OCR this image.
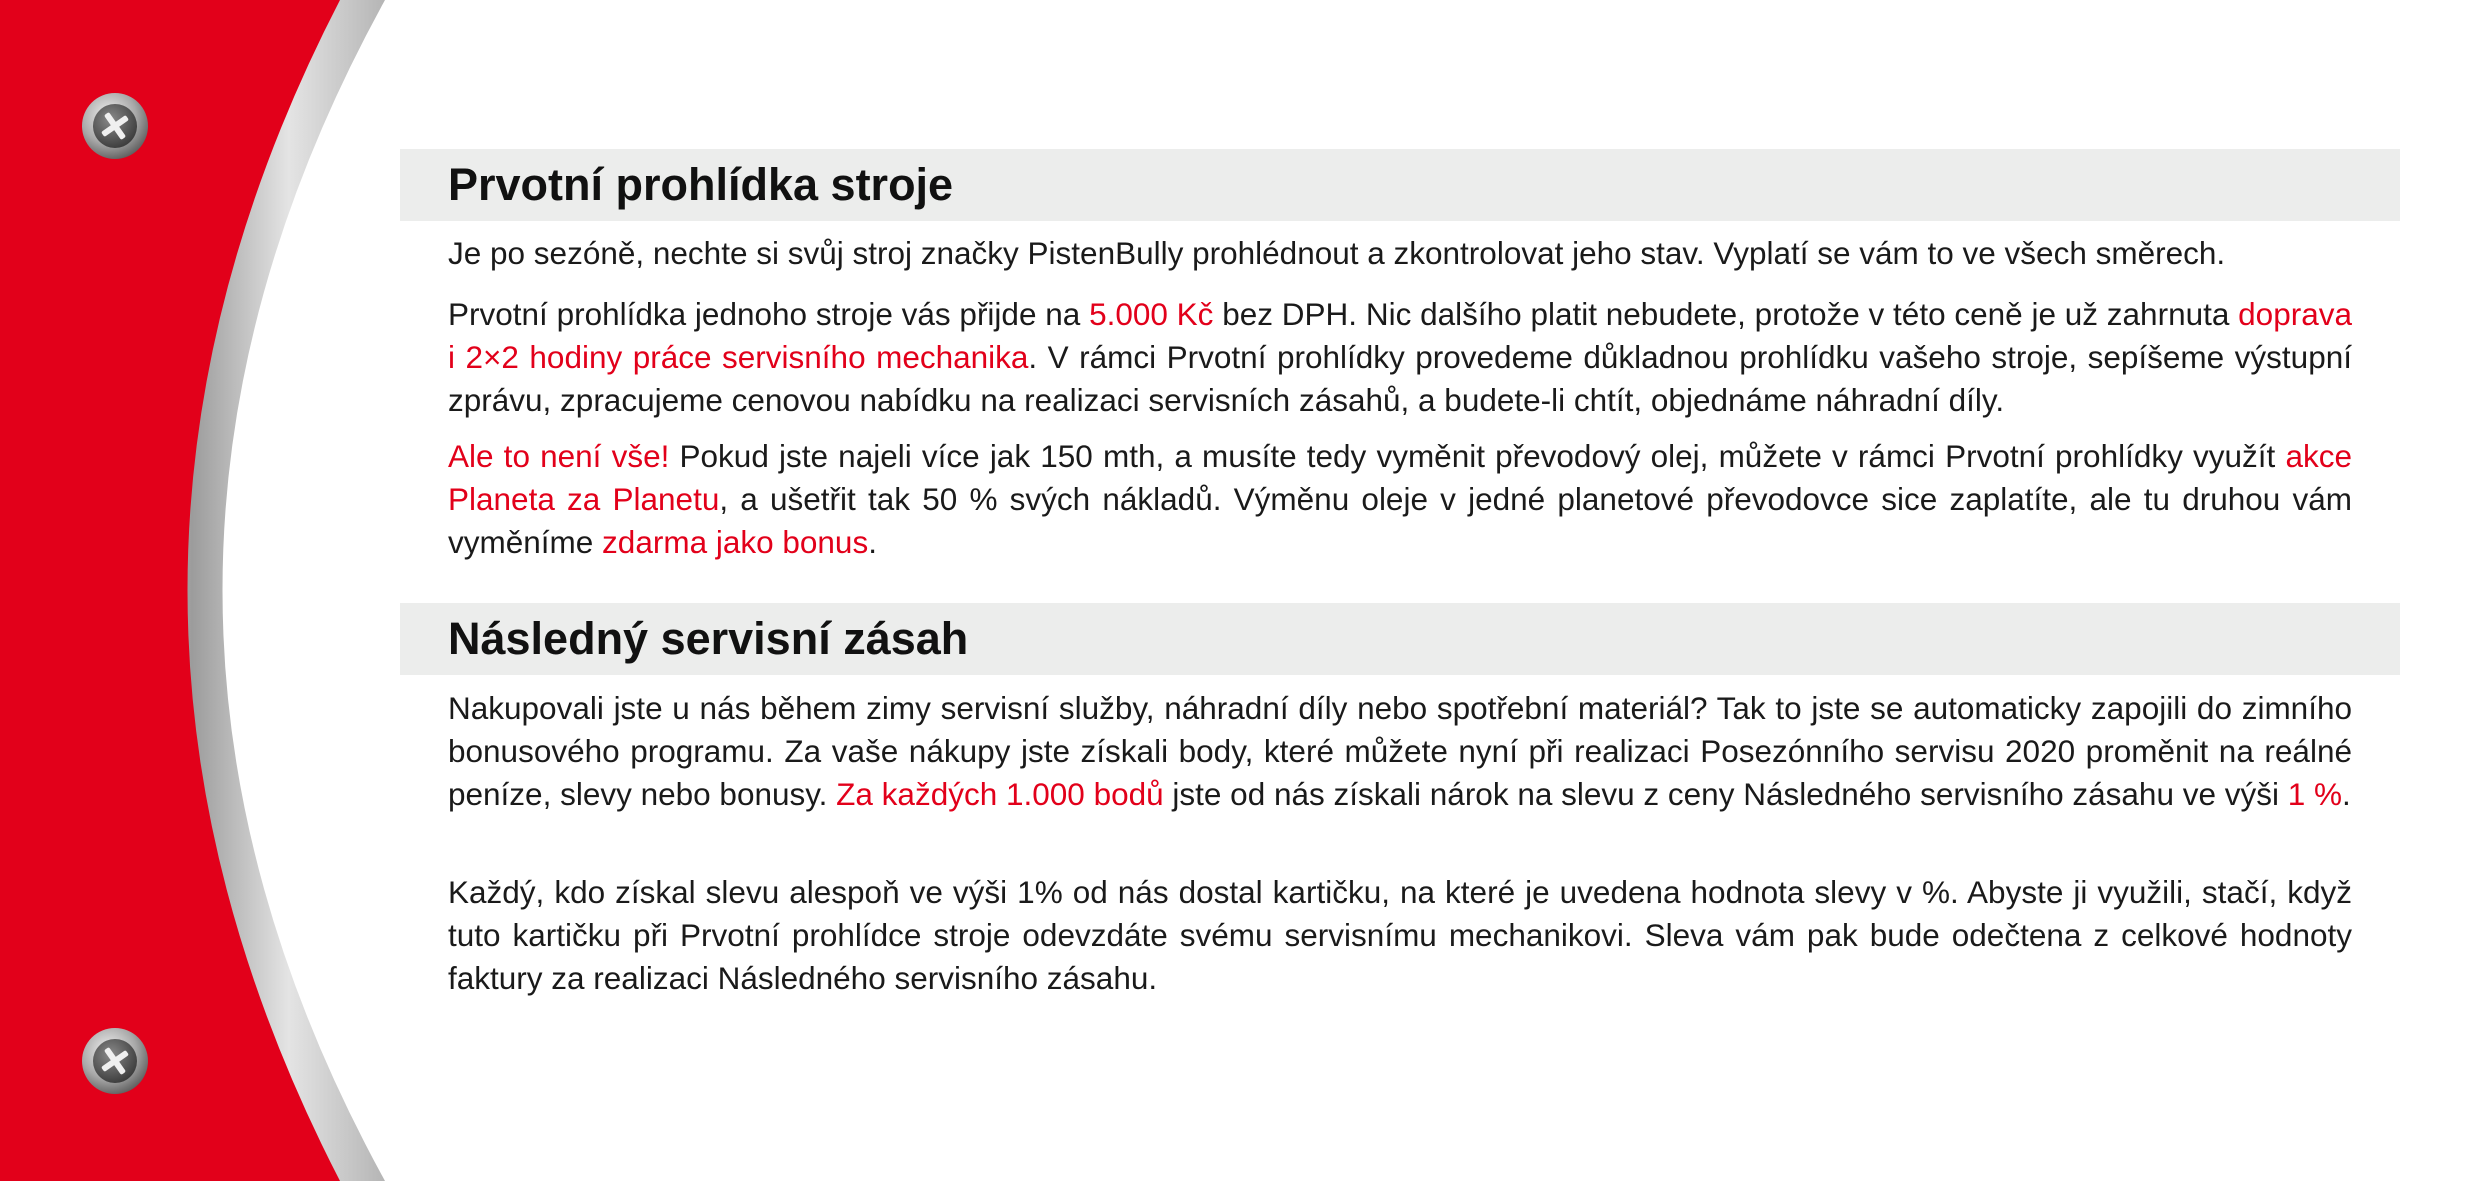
Prvotní prohlídka stroje

Je po sezóně, nechte si svůj stroj značky PistenBully prohlédnout a zkontrolovat jeho stav. Vyplatí se vám to ve všech směrech.

Prvotní prohlídka jednoho stroje vás přijde na 5.000 Kč bez DPH. Nic dalšího platit nebudete, protože v této ceně je už zahrnuta doprava i 2×2 hodiny práce servisního mechanika. V rámci Prvotní prohlídky provedeme důkladnou prohlídku vašeho stroje, sepíšeme výstupní zprávu, zpracujeme cenovou nabídku na realizaci servisních zásahů, a budete-li chtít, objednáme náhradní díly.

Ale to není vše! Pokud jste najeli více jak 150 mth, a musíte tedy vyměnit převodový olej, můžete v rámci Prvotní prohlídky využít akce Planeta za Planetu, a ušetřit tak 50 % svých nákladů. Výměnu oleje v jedné planetové převodovce sice zaplatíte, ale tu druhou vám vyměníme zdarma jako bonus.

Následný servisní zásah

Nakupovali jste u nás během zimy servisní služby, náhradní díly nebo spotřební materiál? Tak to jste se automaticky zapojili do zimního bonusového programu. Za vaše nákupy jste získali body, které můžete nyní při realizaci Posezónního servisu 2020 proměnit na reálné peníze, slevy nebo bonusy. Za každých 1.000 bodů jste od nás získali nárok na slevu z ceny Následného servisního zásahu ve výši 1 %.

Každý, kdo získal slevu alespoň ve výši 1% od nás dostal kartičku, na které je uvedena hodnota slevy v %. Abyste ji využili, stačí, když tuto kartičku při Prvotní prohlídce stroje odevzdáte svému servisnímu mechanikovi. Sleva vám pak bude odečtena z celkové hodnoty faktury za realizaci Následného servisního zásahu.
